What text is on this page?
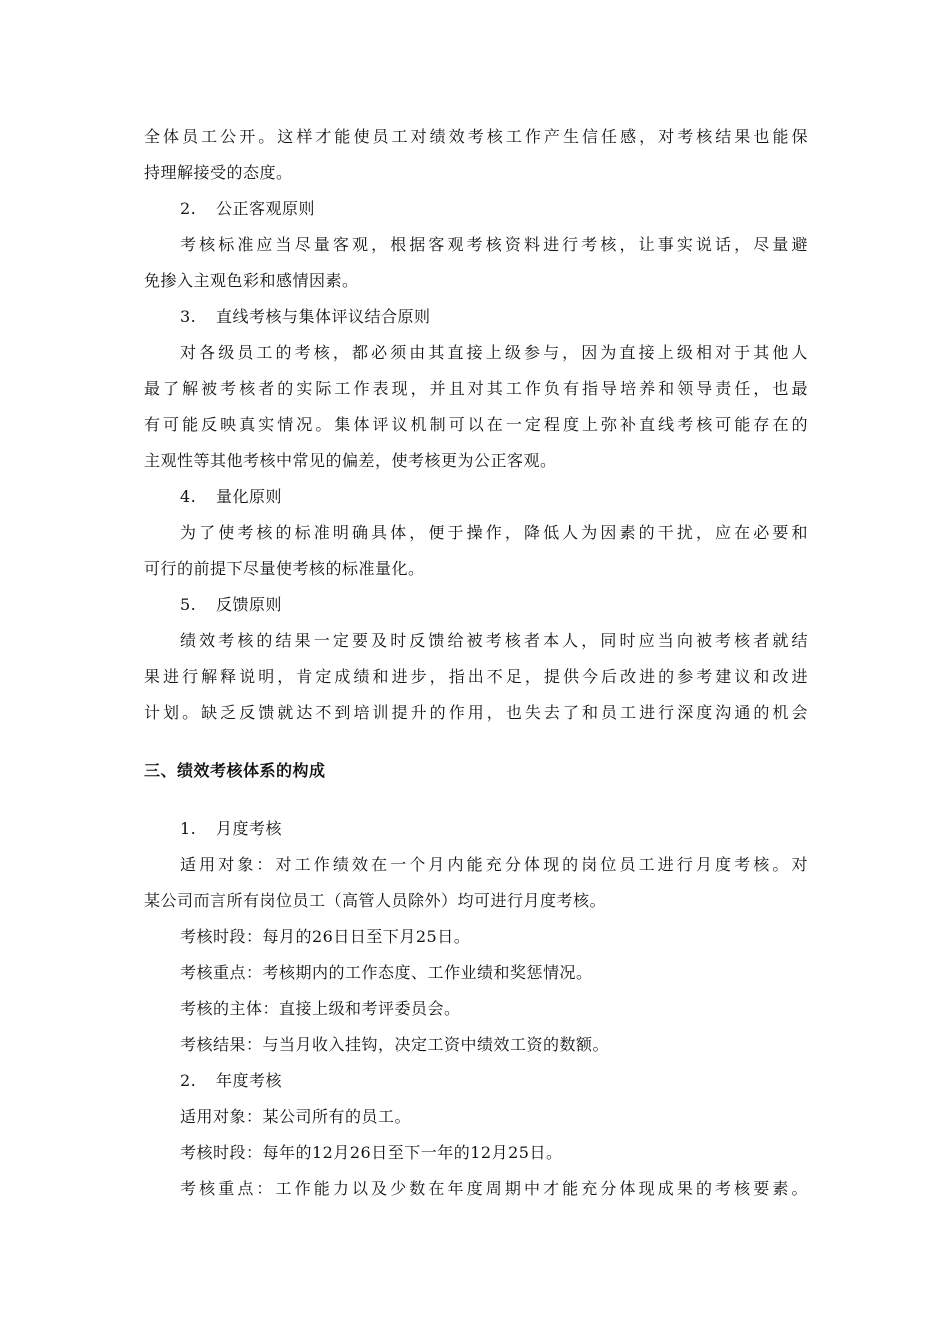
全体员工公开。这样才能使员工对绩效考核工作产生信任感，对考核结果也能保
持理解接受的态度。
2. 公正客观原则
考核标准应当尽量客观，根据客观考核资料进行考核，让事实说话，尽量避
免掺入主观色彩和感情因素。
3. 直线考核与集体评议结合原则
对各级员工的考核，都必须由其直接上级参与，因为直接上级相对于其他人
最了解被考核者的实际工作表现，并且对其工作负有指导培养和领导责任，也最
有可能反映真实情况。集体评议机制可以在一定程度上弥补直线考核可能存在的
主观性等其他考核中常见的偏差，使考核更为公正客观。
4. 量化原则
为了使考核的标准明确具体，便于操作，降低人为因素的干扰，应在必要和
可行的前提下尽量使考核的标准量化。
5. 反馈原则
绩效考核的结果一定要及时反馈给被考核者本人，同时应当向被考核者就结
果进行解释说明，肯定成绩和进步，指出不足，提供今后改进的参考建议和改进
计划。缺乏反馈就达不到培训提升的作用，也失去了和员工进行深度沟通的机会
三、绩效考核体系的构成
1. 月度考核
适用对象：对工作绩效在一个月内能充分体现的岗位员工进行月度考核。对
某公司而言所有岗位员工（高管人员除外）均可进行月度考核。
考核时段：每月的26日日至下月25日。
考核重点：考核期内的工作态度、工作业绩和奖惩情况。
考核的主体：直接上级和考评委员会。
考核结果：与当月收入挂钩，决定工资中绩效工资的数额。
2. 年度考核
适用对象：某公司所有的员工。
考核时段：每年的12月26日至下一年的12月25日。
考核重点：工作能力以及少数在年度周期中才能充分体现成果的考核要素。
